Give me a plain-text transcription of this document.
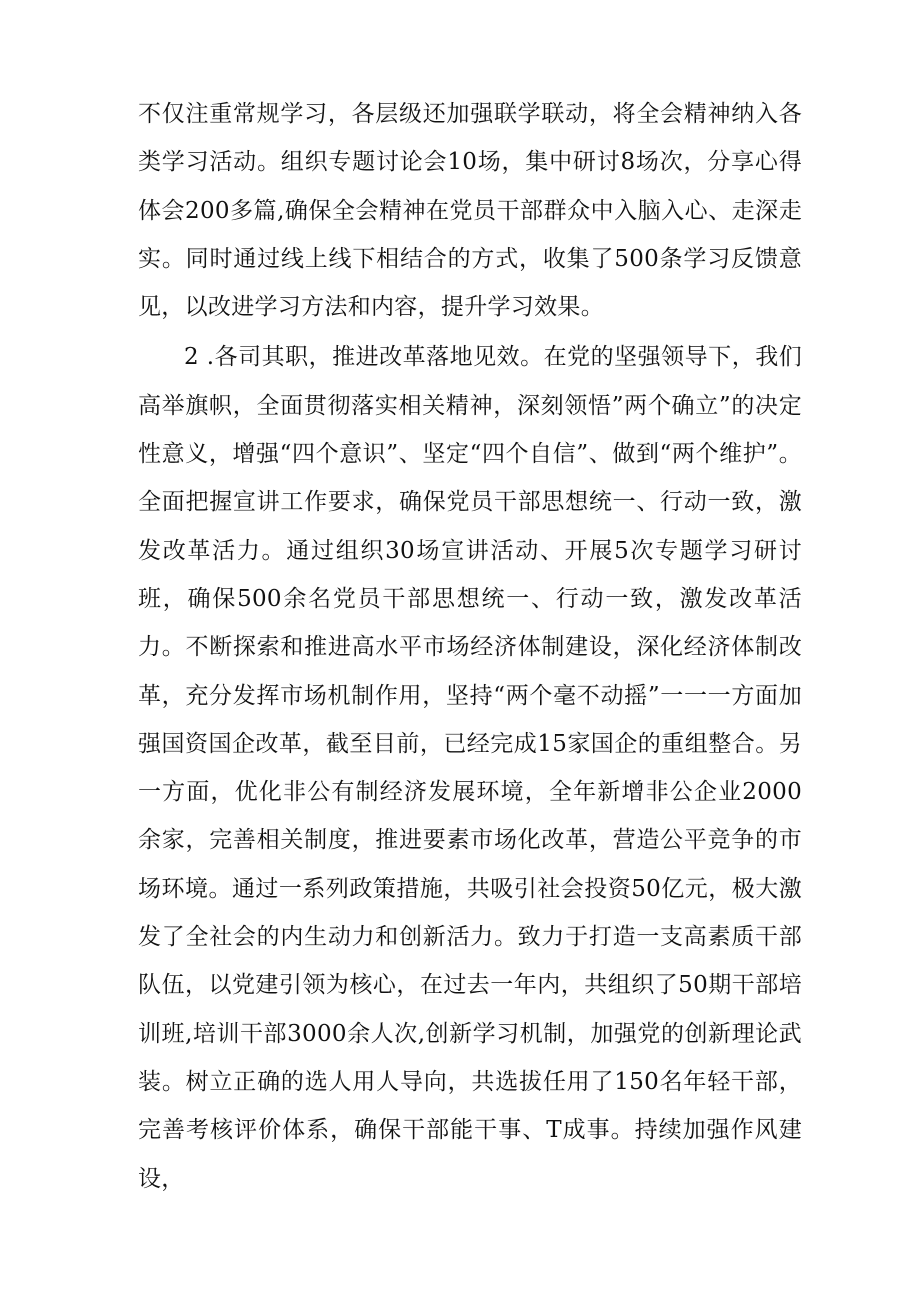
不仅注重常规学习，各层级还加强联学联动，将全会精神纳入各类学习活动。组织专题讨论会10场，集中研讨8场次，分享心得体会200多篇,确保全会精神在党员干部群众中入脑入心、走深走实。同时通过线上线下相结合的方式，收集了500条学习反馈意见，以改进学习方法和内容，提升学习效果。

2 .各司其职，推进改革落地见效。在党的坚强领导下，我们高举旗帜，全面贯彻落实相关精神，深刻领悟”两个确立”的决定性意义，增强“四个意识”、坚定“四个自信”、做到“两个维护”。全面把握宣讲工作要求，确保党员干部思想统一、行动一致，激发改革活力。通过组织30场宣讲活动、开展5次专题学习研讨班，确保500余名党员干部思想统一、行动一致，激发改革活力。不断探索和推进高水平市场经济体制建设，深化经济体制改革，充分发挥市场机制作用，坚持“两个毫不动摇”一一一方面加强国资国企改革，截至目前，已经完成15家国企的重组整合。另一方面，优化非公有制经济发展环境，全年新增非公企业2000余家，完善相关制度，推进要素市场化改革，营造公平竞争的市场环境。通过一系列政策措施，共吸引社会投资50亿元，极大激发了全社会的内生动力和创新活力。致力于打造一支高素质干部队伍，以党建引领为核心，在过去一年内，共组织了50期干部培训班,培训干部3000余人次,创新学习机制，加强党的创新理论武装。树立正确的选人用人导向，共选拔任用了150名年轻干部，完善考核评价体系，确保干部能干事、T成事。持续加强作风建设，
